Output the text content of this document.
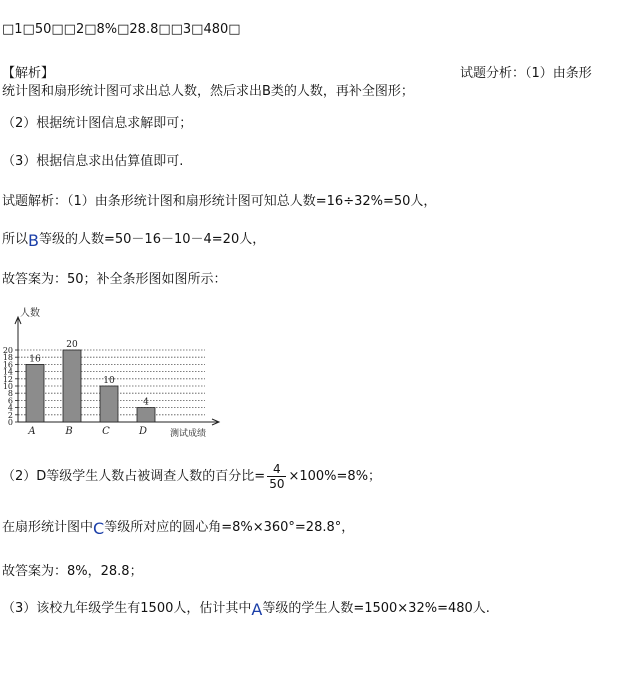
□1□50□□2□8%□28.8□□3□480□
【解析】	试题分析：（1）由条形
统计图和扇形统计图可求出总人数，然后求出B类的人数，再补全图形；
（2）根据统计图信息求解即可；
（3）根据信息求出估算值即可.
试题解析：（1）由条形统计图和扇形统计图可知总人数=16÷32%=50人，
所以B等级的人数=50－16－10－4=20人，
故答案为：50；补全条形图如图所示：
0
2
4
6
8
10
12
14
16
18
20
人数
测试成绩
16
A
20
B
10
C
4
D
（2）D等级学生人数占被调查人数的百分比= $\frac{4}{50} \times 100\%=8\%$；
在扇形统计图中C等级所对应的圆心角=8%×360°=28.8°，
故答案为：8%，28.8；
（3）该校九年级学生有1500人，估计其中A等级的学生人数=1500×32%=480人.
